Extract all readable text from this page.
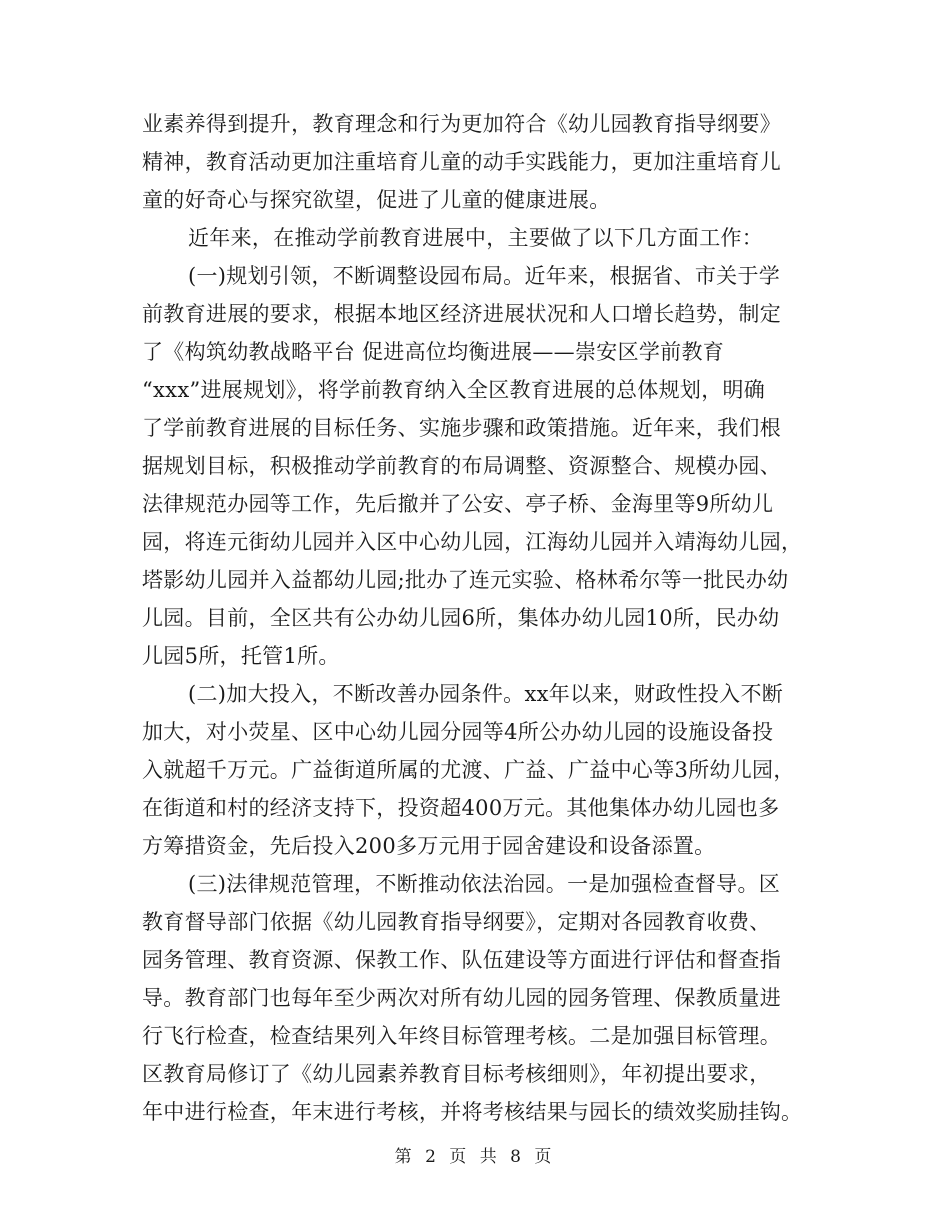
业素养得到提升，教育理念和行为更加符合《幼儿园教育指导纲要》
精神，教育活动更加注重培育儿童的动手实践能力，更加注重培育儿
童的好奇心与探究欲望，促进了儿童的健康进展。
近年来，在推动学前教育进展中，主要做了以下几方面工作：
(一)规划引领，不断调整设园布局。近年来，根据省、市关于学
前教育进展的要求，根据本地区经济进展状况和人口增长趋势，制定
了《构筑幼教战略平台 促进高位均衡进展——崇安区学前教育
“xxx”进展规划》，将学前教育纳入全区教育进展的总体规划，明确
了学前教育进展的目标任务、实施步骤和政策措施。近年来，我们根
据规划目标，积极推动学前教育的布局调整、资源整合、规模办园、
法律规范办园等工作，先后撤并了公安、亭子桥、金海里等9所幼儿
园，将连元街幼儿园并入区中心幼儿园，江海幼儿园并入靖海幼儿园，
塔影幼儿园并入益都幼儿园;批办了连元实验、格林希尔等一批民办幼
儿园。目前，全区共有公办幼儿园6所，集体办幼儿园10所，民办幼
儿园5所，托管1所。
(二)加大投入，不断改善办园条件。xx年以来，财政性投入不断
加大，对小荧星、区中心幼儿园分园等4所公办幼儿园的设施设备投
入就超千万元。广益街道所属的尤渡、广益、广益中心等3所幼儿园，
在街道和村的经济支持下，投资超400万元。其他集体办幼儿园也多
方筹措资金，先后投入200多万元用于园舍建设和设备添置。
(三)法律规范管理，不断推动依法治园。一是加强检查督导。区
教育督导部门依据《幼儿园教育指导纲要》，定期对各园教育收费、
园务管理、教育资源、保教工作、队伍建设等方面进行评估和督查指
导。教育部门也每年至少两次对所有幼儿园的园务管理、保教质量进
行飞行检查，检查结果列入年终目标管理考核。二是加强目标管理。
区教育局修订了《幼儿园素养教育目标考核细则》，年初提出要求，
年中进行检查，年末进行考核，并将考核结果与园长的绩效奖励挂钩。
第 2 页 共 8 页
